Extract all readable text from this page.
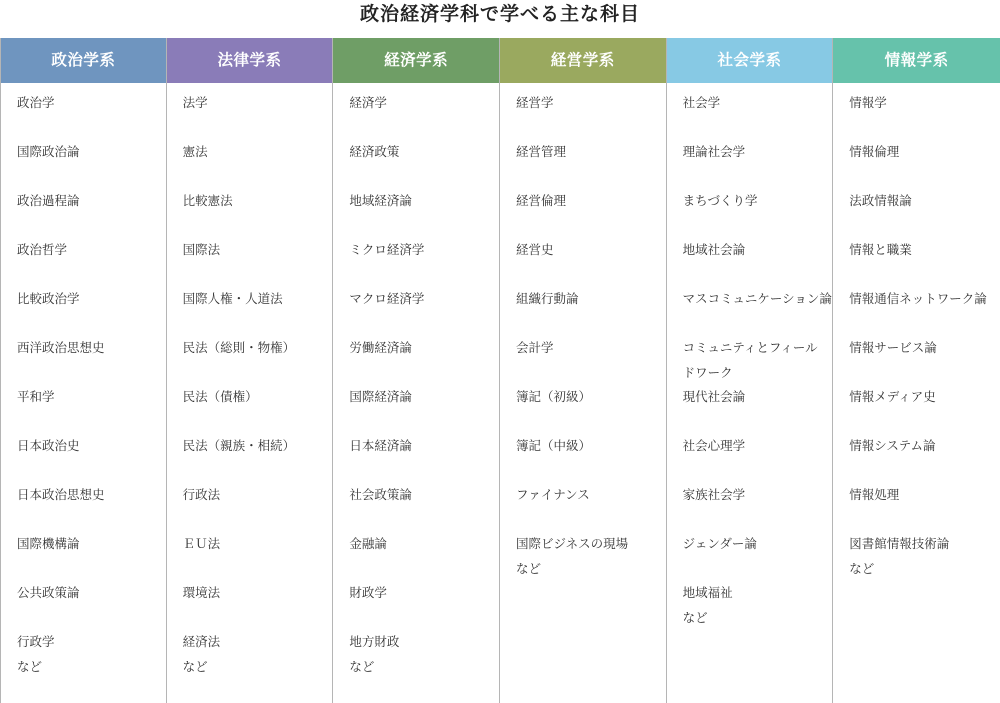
政治経済学科で学べる主な科目
政治学系
政治学
国際政治論
政治過程論
政治哲学
比較政治学
西洋政治思想史
平和学
日本政治史
日本政治思想史
国際機構論
公共政策論
行政学
など
法律学系
法学
憲法
比較憲法
国際法
国際人権・人道法
民法（総則・物権）
民法（債権）
民法（親族・相続）
行政法
ＥＵ法
環境法
経済法
など
経済学系
経済学
経済政策
地域経済論
ミクロ経済学
マクロ経済学
労働経済論
国際経済論
日本経済論
社会政策論
金融論
財政学
地方財政
など
経営学系
経営学
経営管理
経営倫理
経営史
組織行動論
会計学
簿記（初級）
簿記（中級）
ファイナンス
国際ビジネスの現場
など
社会学系
社会学
理論社会学
まちづくり学
地域社会論
マスコミュニケーション論
コミュニティとフィール
ドワーク
現代社会論
社会心理学
家族社会学
ジェンダー論
地域福祉
など
情報学系
情報学
情報倫理
法政情報論
情報と職業
情報通信ネットワーク論
情報サービス論
情報メディア史
情報システム論
情報処理
図書館情報技術論
など
